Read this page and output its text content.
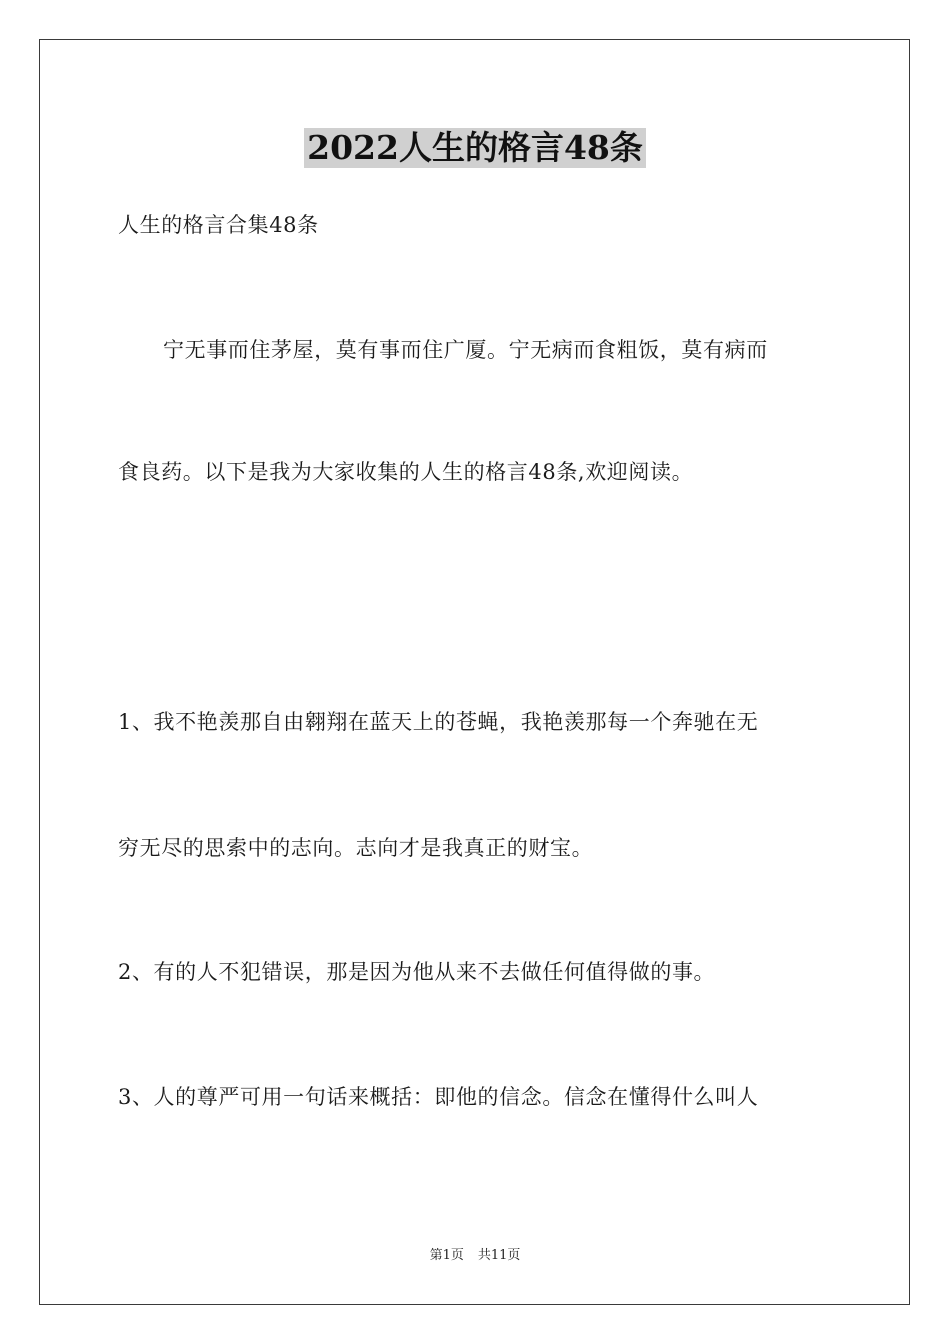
2022人生的格言48条
人生的格言合集48条
宁无事而住茅屋，莫有事而住广厦。宁无病而食粗饭，莫有病而
食良药。以下是我为大家收集的人生的格言48条,欢迎阅读。
1、我不艳羡那自由翱翔在蓝天上的苍蝇，我艳羡那每一个奔驰在无
穷无尽的思索中的志向。志向才是我真正的财宝。
2、有的人不犯错误，那是因为他从来不去做任何值得做的事。
3、人的尊严可用一句话来概括：即他的信念。信念在懂得什么叫人
第1页 共11页
